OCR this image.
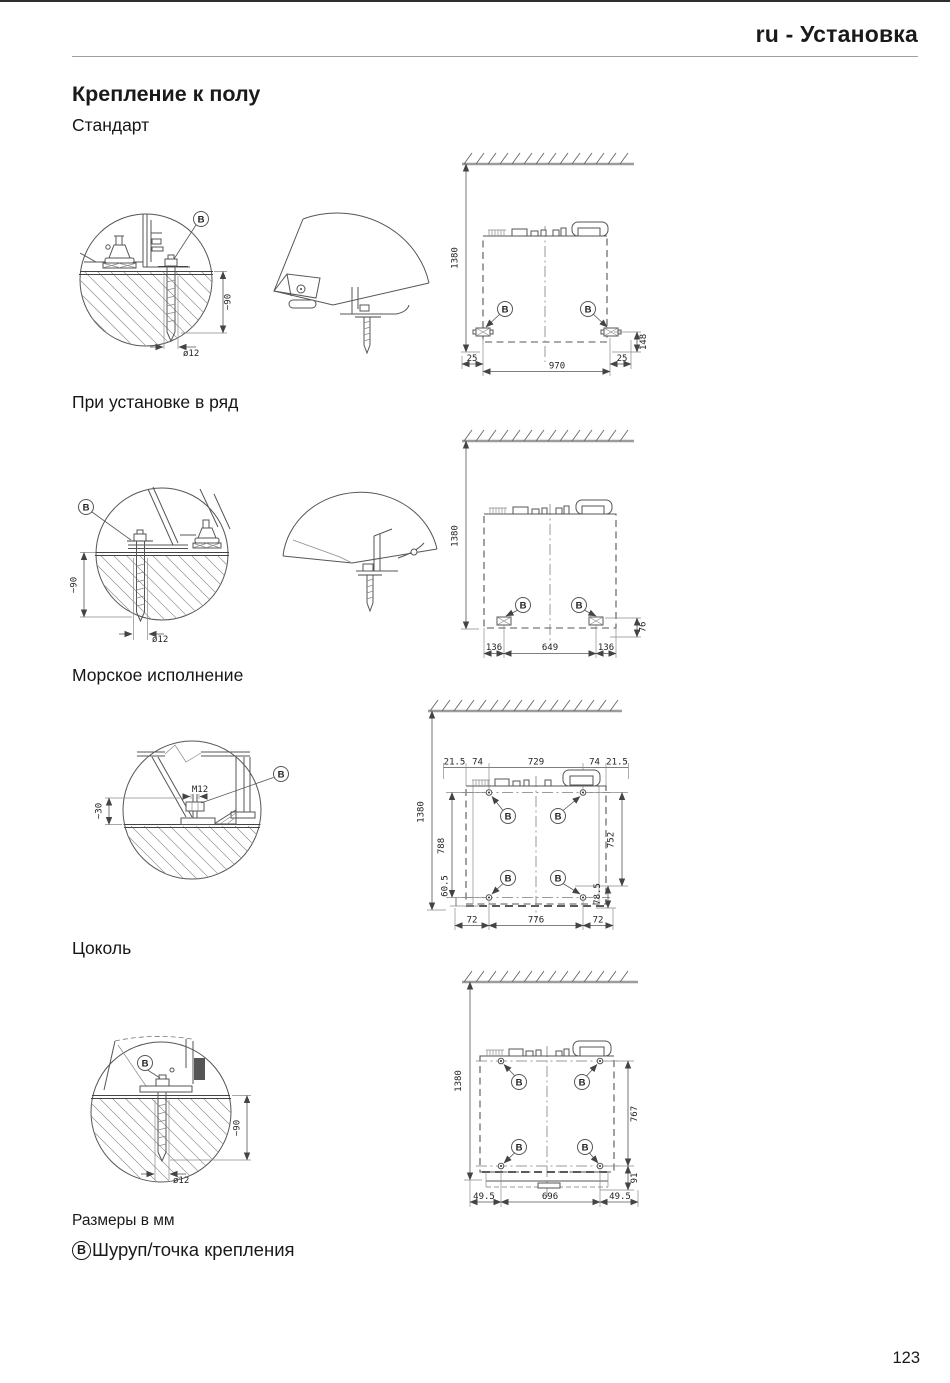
ru - Установка
Крепление к полу
Стандарт
При установке в ряд
Морское исполнение
Цоколь
B
~90
ø12
B	B
1380
25
970
25
148
B
~90
ø12
B	B
1380
136	649	136
76
M12
~30
B
1380
21.5 74	729	74 21.5
B	B
B	B
788
60.5
752
78.5
72	776	72
B
~90
ø12
1380	B	B
B	B
767
91
49.5	696	49.5
Размеры в мм
B Шуруп/точка крепления
123
